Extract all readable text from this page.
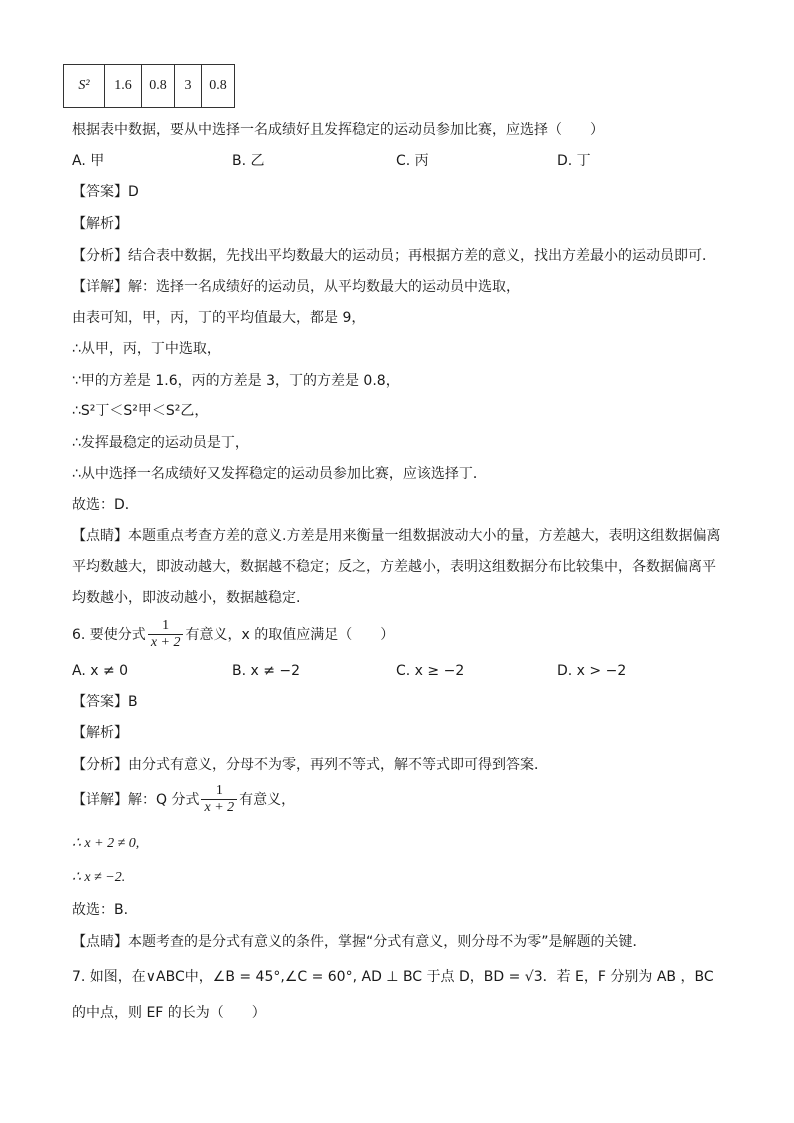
S²	1.6	0.8	3	0.8
根据表中数据，要从中选择一名成绩好且发挥稳定的运动员参加比赛，应选择（　　）
A. 甲	B. 乙	C. 丙	D. 丁
【答案】D
【解析】
【分析】结合表中数据，先找出平均数最大的运动员；再根据方差的意义，找出方差最小的运动员即可．
【详解】解：选择一名成绩好的运动员，从平均数最大的运动员中选取，
由表可知，甲，丙，丁的平均值最大，都是 9，
∴从甲，丙，丁中选取，
∵甲的方差是 1.6，丙的方差是 3，丁的方差是 0.8，
∴S²丁＜S²甲＜S²乙，
∴发挥最稳定的运动员是丁，
∴从中选择一名成绩好又发挥稳定的运动员参加比赛，应该选择丁．
故选：D．
【点睛】本题重点考查方差的意义.方差是用来衡量一组数据波动大小的量，方差越大，表明这组数据偏离
平均数越大，即波动越大，数据越不稳定；反之，方差越小，表明这组数据分布比较集中，各数据偏离平
均数越小，即波动越小，数据越稳定.
6. 要使分式 $\frac{1}{x + 2}$ 有意义，x 的取值应满足（　　）
A. x ≠ 0	B. x ≠ −2	C. x ≥ −2	D. x > −2
【答案】B
【解析】
【分析】由分式有意义，分母不为零，再列不等式，解不等式即可得到答案．
【详解】解：Q 分式 $\frac{1}{x + 2}$ 有意义，
∴ x + 2 ≠ 0,
∴ x ≠ −2.
故选：B.
【点睛】本题考查的是分式有意义的条件，掌握“分式有意义，则分母不为零”是解题的关键．
7. 如图，在∨ABC中，∠B = 45°,∠C = 60°, AD ⊥ BC 于点 D，BD = √3．若 E，F 分别为 AB ，BC
的中点，则 EF 的长为（　　）
